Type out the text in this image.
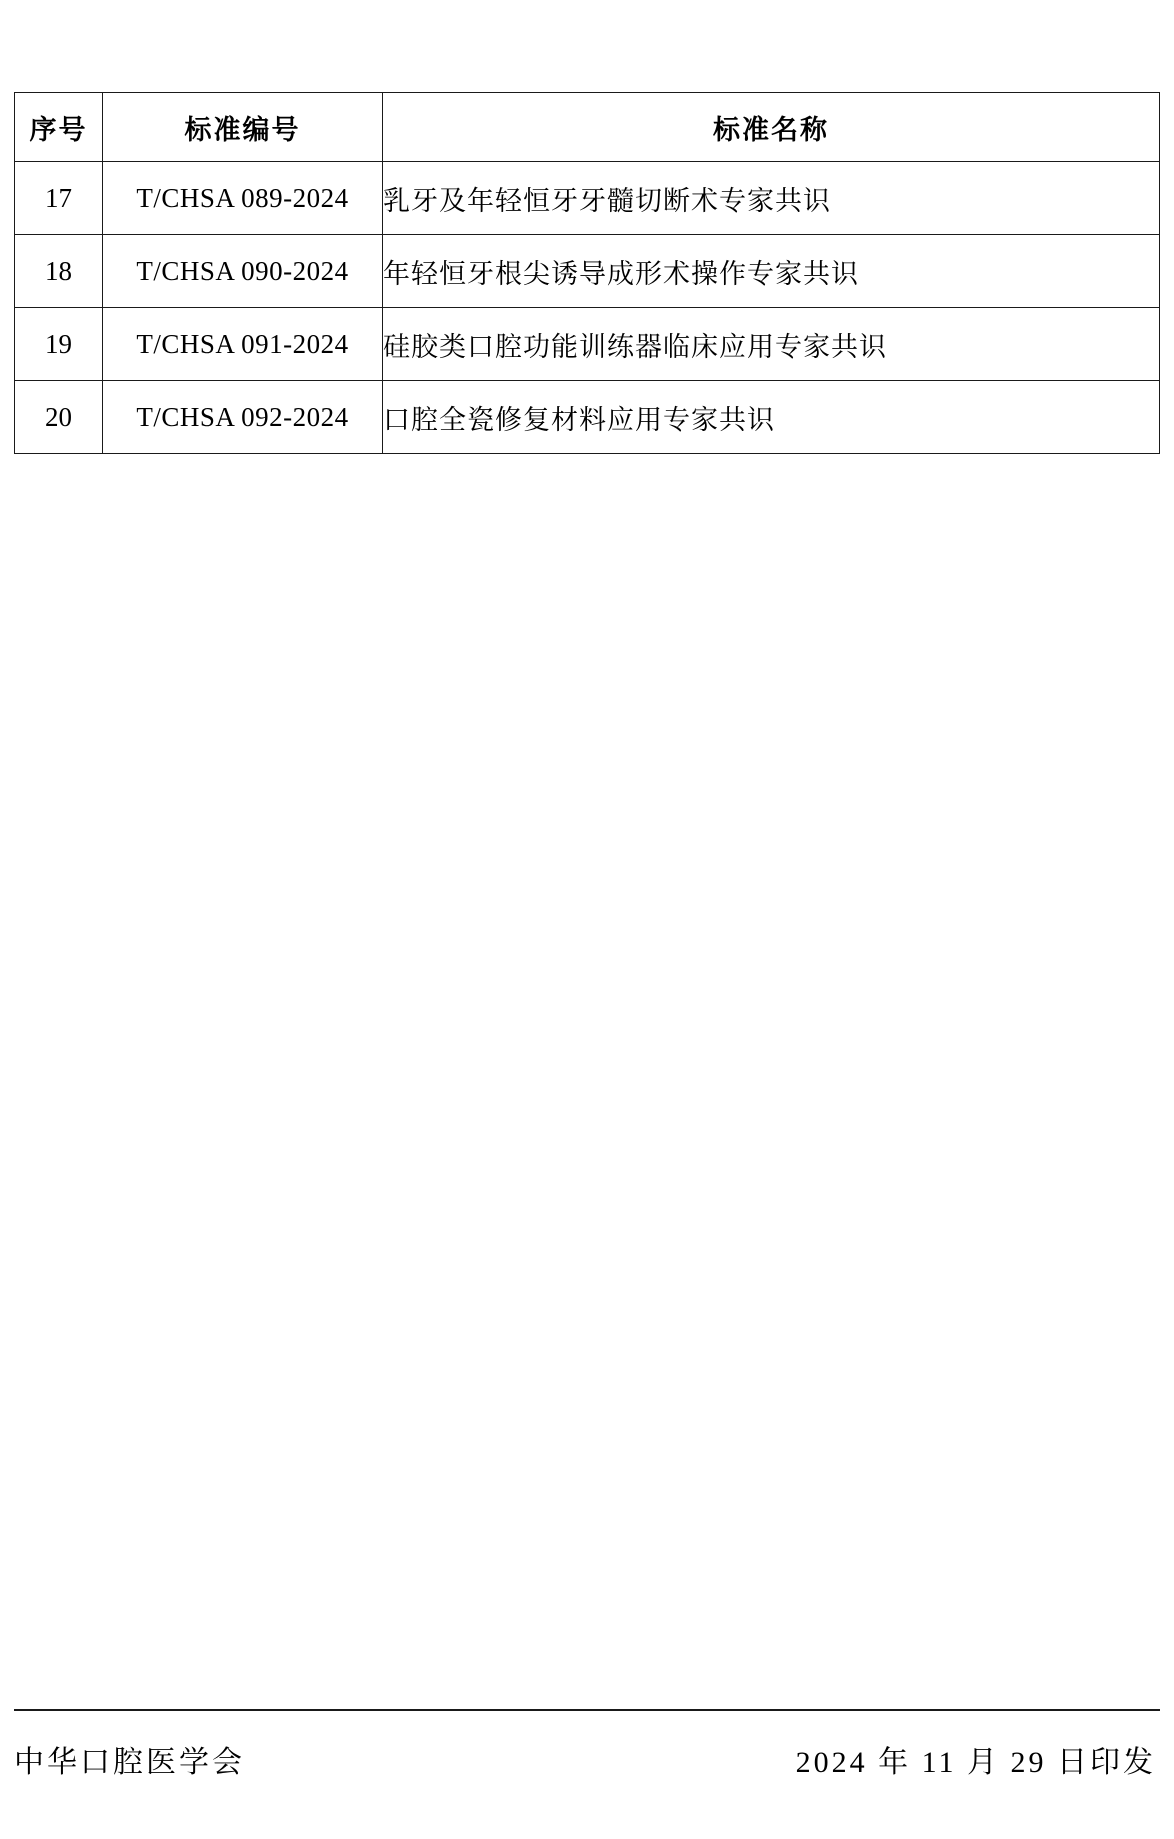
序号	标准编号	标准名称
17	T/CHSA 089-2024	乳牙及年轻恒牙牙髓切断术专家共识
18	T/CHSA 090-2024	年轻恒牙根尖诱导成形术操作专家共识
19	T/CHSA 091-2024	硅胶类口腔功能训练器临床应用专家共识
20	T/CHSA 092-2024	口腔全瓷修复材料应用专家共识
中华口腔医学会	2024 年 11 月 29 日印发
